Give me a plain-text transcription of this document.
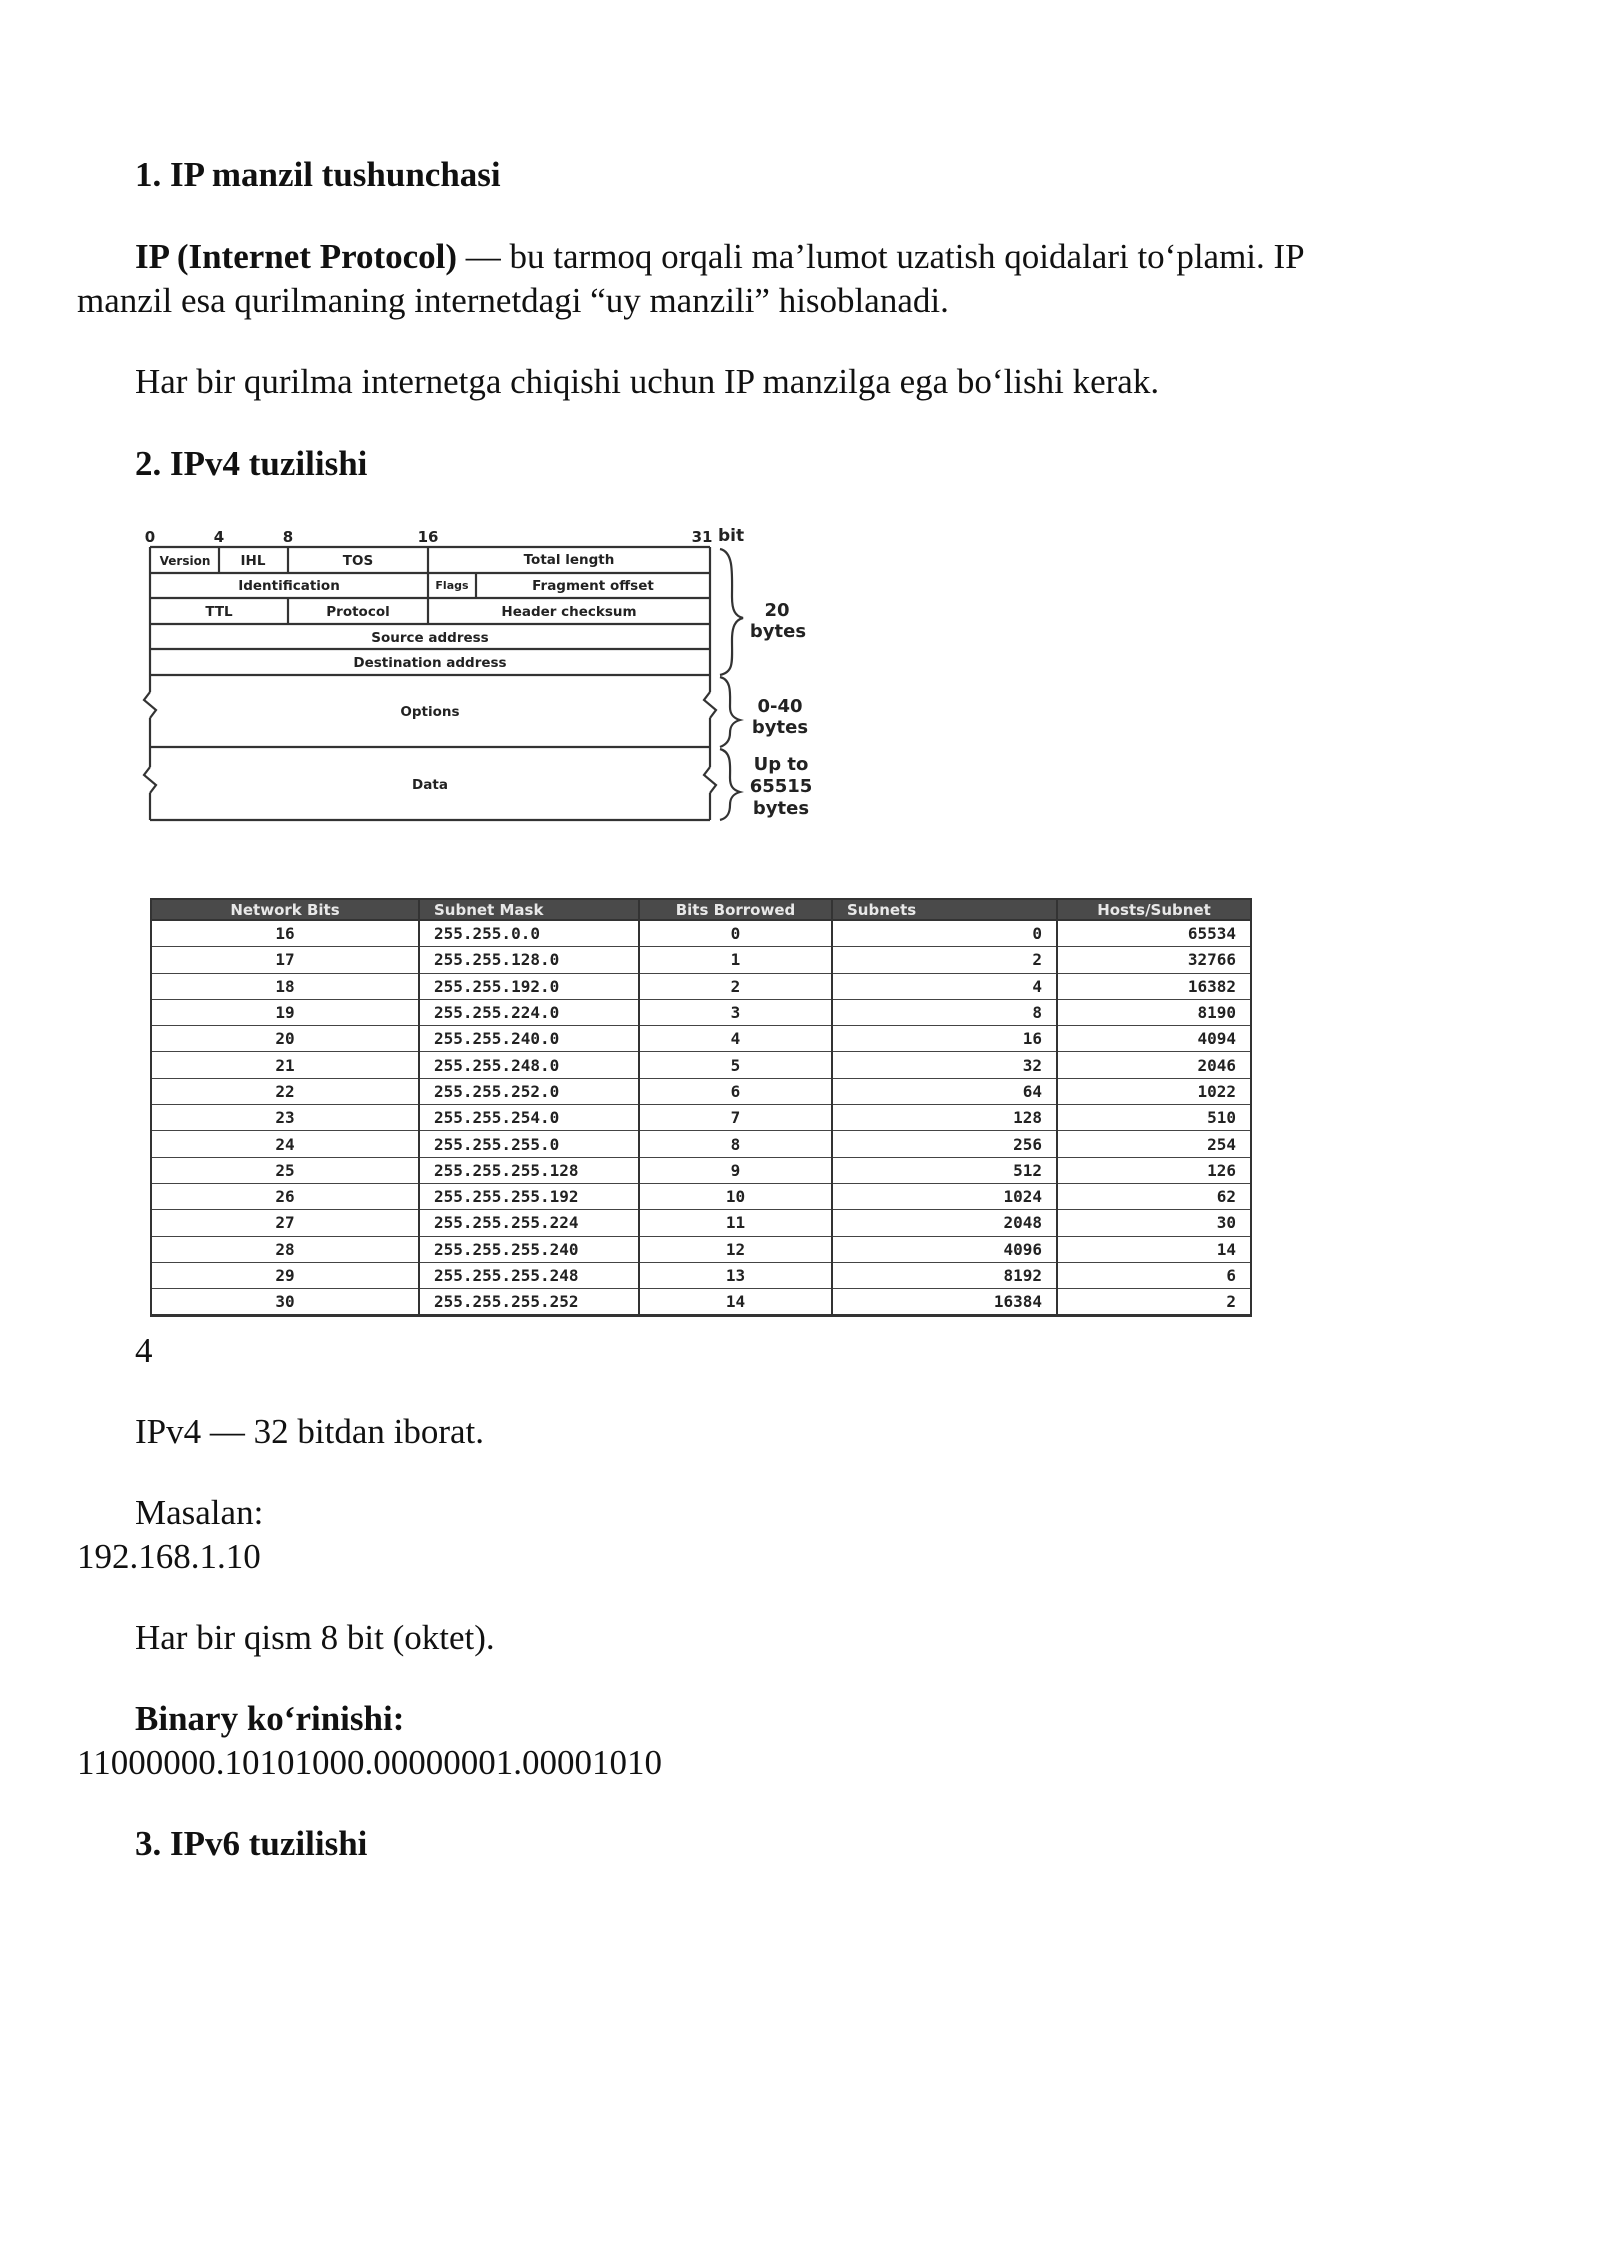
1. IP manzil tushunchasi
IP (Internet Protocol) — bu tarmoq orqali ma’lumot uzatish qoidalari to‘plami. IP
manzil esa qurilmaning internetdagi “uy manzili” hisoblanadi.
Har bir qurilma internetga chiqishi uchun IP manzilga ega bo‘lishi kerak.
2. IPv4 tuzilishi
0	4	8	16	31 bit
Version IHL	TOS	Total length
Identification	Flags	Fragment offset
TTL	Protocol	Header checksum
Source address
Destination address
Options
Data
20
bytes
0-40
bytes
Up to
65515
bytes
Network Bits	Subnet Mask	Bits Borrowed	Subnets	Hosts/Subnet
16	255.255.0.0	0	0	65534
17	255.255.128.0	1	2	32766
18	255.255.192.0	2	4	16382
19	255.255.224.0	3	8	8190
20	255.255.240.0	4	16	4094
21	255.255.248.0	5	32	2046
22	255.255.252.0	6	64	1022
23	255.255.254.0	7	128	510
24	255.255.255.0	8	256	254
25	255.255.255.128	9	512	126
26	255.255.255.192	10	1024	62
27	255.255.255.224	11	2048	30
28	255.255.255.240	12	4096	14
29	255.255.255.248	13	8192	6
30	255.255.255.252	14	16384	2
4
IPv4 — 32 bitdan iborat.
Masalan:
192.168.1.10
Har bir qism 8 bit (oktet).
Binary ko‘rinishi:
11000000.10101000.00000001.00001010
3. IPv6 tuzilishi
